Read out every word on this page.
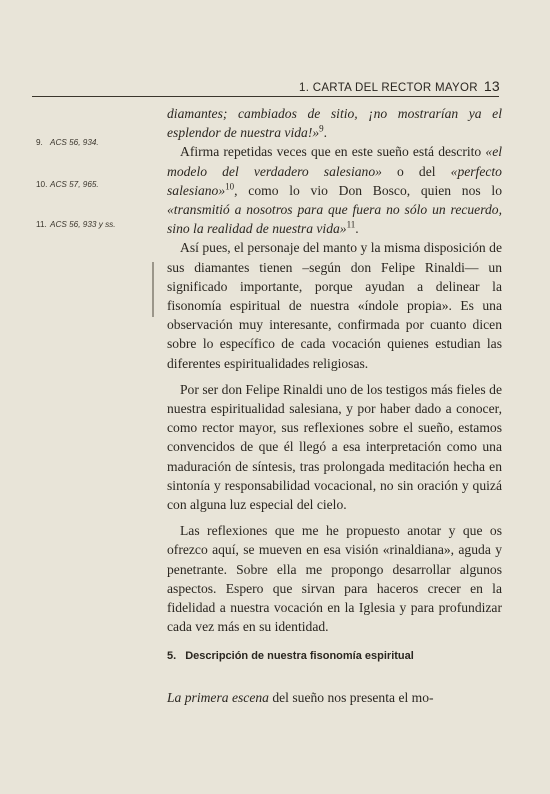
1. CARTA DEL RECTOR MAYOR 13
9. ACS 56, 934.
10. ACS 57, 965.
11. ACS 56, 933 y ss.

diamantes; cambiados de sitio, ¡no mostrarían ya el esplendor de nuestra vida!»$^9$.

Afirma repetidas veces que en este sueño está descrito «el modelo del verdadero salesiano» o del «perfecto salesiano»$^{10}$, como lo vio Don Bosco, quien nos lo «transmitió a nosotros para que fuera no sólo un recuerdo, sino la realidad de nuestra vida»$^{11}$.

Así pues, el personaje del manto y la misma disposición de sus diamantes tienen –según don Felipe Rinaldi— un significado importante, porque ayudan a delinear la fisonomía espiritual de nuestra «índole propia». Es una observación muy interesante, confirmada por cuanto dicen sobre lo específico de cada vocación quienes estudian las diferentes espiritualidades religiosas.

Por ser don Felipe Rinaldi uno de los testigos más fieles de nuestra espiritualidad salesiana, y por haber dado a conocer, como rector mayor, sus reflexiones sobre el sueño, estamos convencidos de que él llegó a esa interpretación como una maduración de síntesis, tras prolongada meditación hecha en sintonía y responsabilidad vocacional, no sin oración y quizá con alguna luz especial del cielo.

Las reflexiones que me he propuesto anotar y que os ofrezco aquí, se mueven en esa visión «rinaldiana», aguda y penetrante. Sobre ella me propongo desarrollar algunos aspectos. Espero que sirvan para haceros crecer en la fidelidad a nuestra vocación en la Iglesia y para profundizar cada vez más en su identidad.

5. Descripción de nuestra fisonomía espiritual
La primera escena del sueño nos presenta el mo-
